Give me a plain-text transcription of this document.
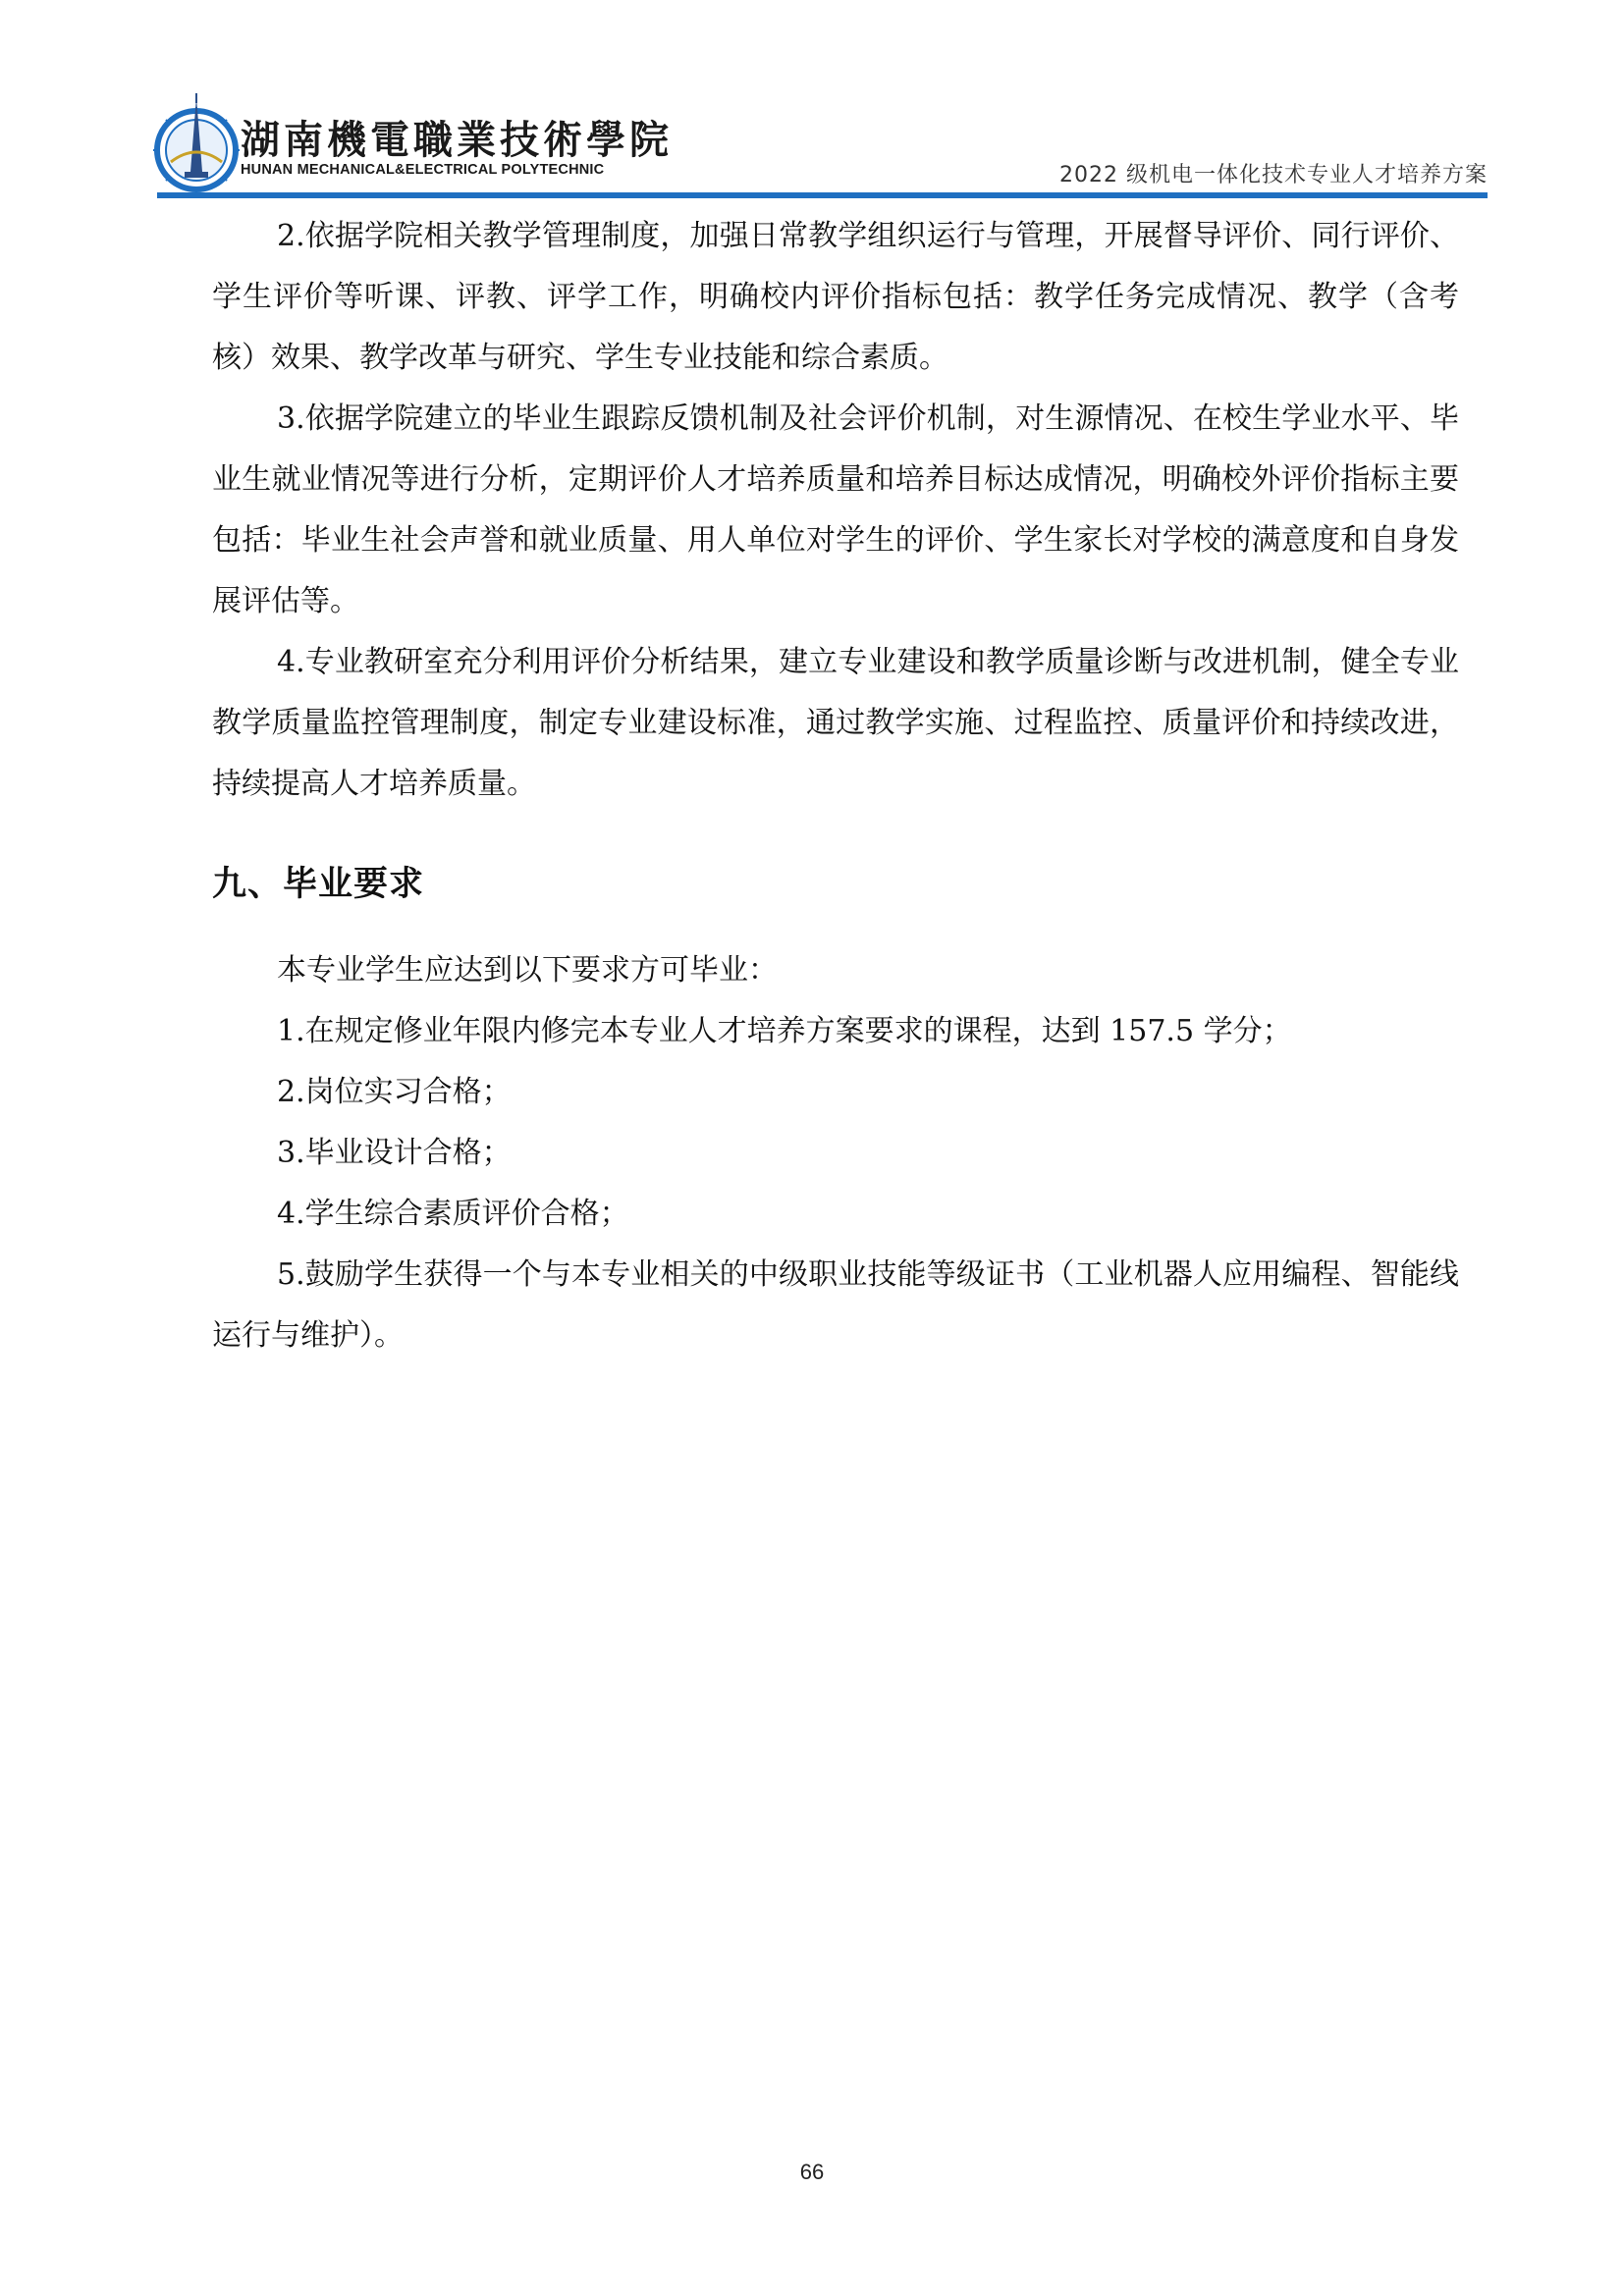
湖南機電職業技術學院
HUNAN MECHANICAL&ELECTRICAL POLYTECHNIC	2022 级机电一体化技术专业人才培养方案

2.依据学院相关教学管理制度，加强日常教学组织运行与管理，开展督导评价、同行评价、学生评价等听课、评教、评学工作，明确校内评价指标包括：教学任务完成情况、教学（含考核）效果、教学改革与研究、学生专业技能和综合素质。

3.依据学院建立的毕业生跟踪反馈机制及社会评价机制，对生源情况、在校生学业水平、毕业生就业情况等进行分析，定期评价人才培养质量和培养目标达成情况，明确校外评价指标主要包括：毕业生社会声誉和就业质量、用人单位对学生的评价、学生家长对学校的满意度和自身发展评估等。

4.专业教研室充分利用评价分析结果，建立专业建设和教学质量诊断与改进机制，健全专业教学质量监控管理制度，制定专业建设标准，通过教学实施、过程监控、质量评价和持续改进，持续提高人才培养质量。

九、毕业要求

本专业学生应达到以下要求方可毕业：

1.在规定修业年限内修完本专业人才培养方案要求的课程，达到 157.5 学分；

2.岗位实习合格；

3.毕业设计合格；

4.学生综合素质评价合格；

5.鼓励学生获得一个与本专业相关的中级职业技能等级证书（工业机器人应用编程、智能线运行与维护）。

66
